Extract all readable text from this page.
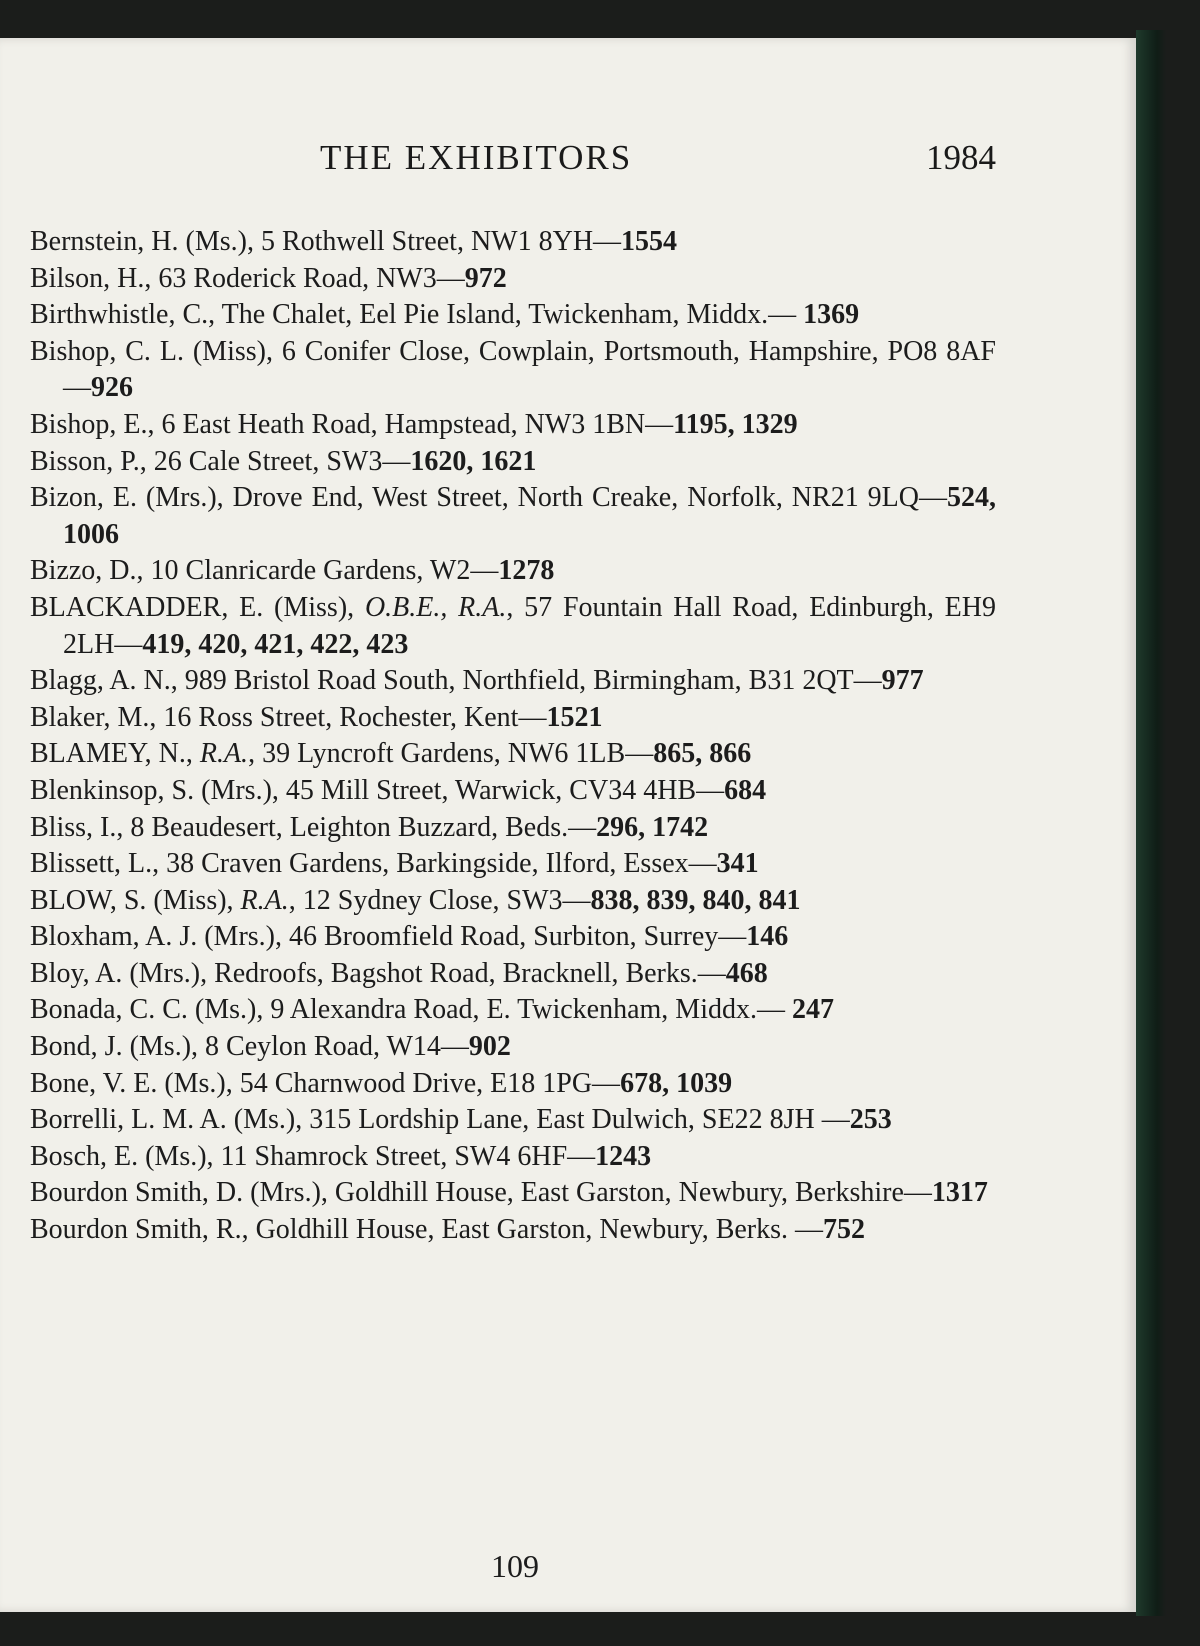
THE EXHIBITORS	1984

Bernstein, H. (Ms.), 5 Rothwell Street, NW1 8YH—1554

Bilson, H., 63 Roderick Road, NW3—972

Birthwhistle, C., The Chalet, Eel Pie Island, Twickenham, Middx.— 1369

Bishop, C. L. (Miss), 6 Conifer Close, Cowplain, Portsmouth, Hampshire, PO8 8AF—926

Bishop, E., 6 East Heath Road, Hampstead, NW3 1BN—1195, 1329

Bisson, P., 26 Cale Street, SW3—1620, 1621

Bizon, E. (Mrs.), Drove End, West Street, North Creake, Norfolk, NR21 9LQ—524, 1006

Bizzo, D., 10 Clanricarde Gardens, W2—1278

BLACKADDER, E. (Miss), O.B.E., R.A., 57 Fountain Hall Road, Edinburgh, EH9 2LH—419, 420, 421, 422, 423

Blagg, A. N., 989 Bristol Road South, Northfield, Birmingham, B31 2QT—977

Blaker, M., 16 Ross Street, Rochester, Kent—1521

BLAMEY, N., R.A., 39 Lyncroft Gardens, NW6 1LB—865, 866

Blenkinsop, S. (Mrs.), 45 Mill Street, Warwick, CV34 4HB—684

Bliss, I., 8 Beaudesert, Leighton Buzzard, Beds.—296, 1742

Blissett, L., 38 Craven Gardens, Barkingside, Ilford, Essex—341

BLOW, S. (Miss), R.A., 12 Sydney Close, SW3—838, 839, 840, 841

Bloxham, A. J. (Mrs.), 46 Broomfield Road, Surbiton, Surrey—146

Bloy, A. (Mrs.), Redroofs, Bagshot Road, Bracknell, Berks.—468

Bonada, C. C. (Ms.), 9 Alexandra Road, E. Twickenham, Middx.— 247

Bond, J. (Ms.), 8 Ceylon Road, W14—902

Bone, V. E. (Ms.), 54 Charnwood Drive, E18 1PG—678, 1039

Borrelli, L. M. A. (Ms.), 315 Lordship Lane, East Dulwich, SE22 8JH —253

Bosch, E. (Ms.), 11 Shamrock Street, SW4 6HF—1243

Bourdon Smith, D. (Mrs.), Goldhill House, East Garston, Newbury, Berkshire—1317

Bourdon Smith, R., Goldhill House, East Garston, Newbury, Berks. —752

109
